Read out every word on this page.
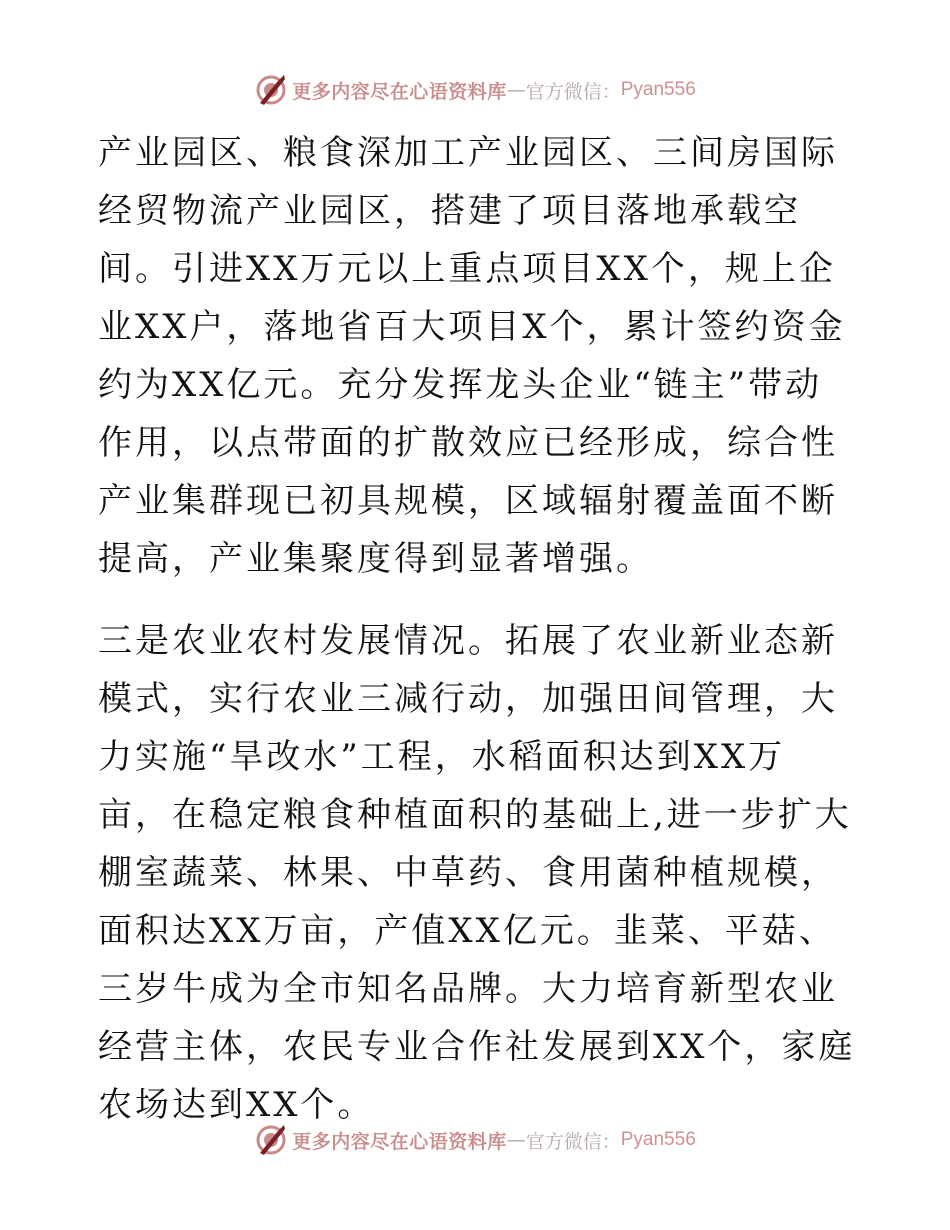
更多内容尽在心语资料库 — 官方微信： Pyan556

产业园区、粮食深加工产业园区、三间房国际经贸物流产业园区，搭建了项目落地承载空间。引进XX万元以上重点项目XX个，规上企业XX户，落地省百大项目X个，累计签约资金约为XX亿元。充分发挥龙头企业“链主”带动作用，以点带面的扩散效应已经形成，综合性产业集群现已初具规模，区域辐射覆盖面不断提高，产业集聚度得到显著增强。

三是农业农村发展情况。拓展了农业新业态新模式，实行农业三减行动，加强田间管理，大力实施“旱改水”工程，水稻面积达到XX万亩，在稳定粮食种植面积的基础上,进一步扩大棚室蔬菜、林果、中草药、食用菌种植规模，面积达XX万亩，产值XX亿元。韭菜、平菇、三岁牛成为全市知名品牌。大力培育新型农业经营主体，农民专业合作社发展到XX个，家庭农场达到XX个。

更多内容尽在心语资料库 — 官方微信： Pyan556
